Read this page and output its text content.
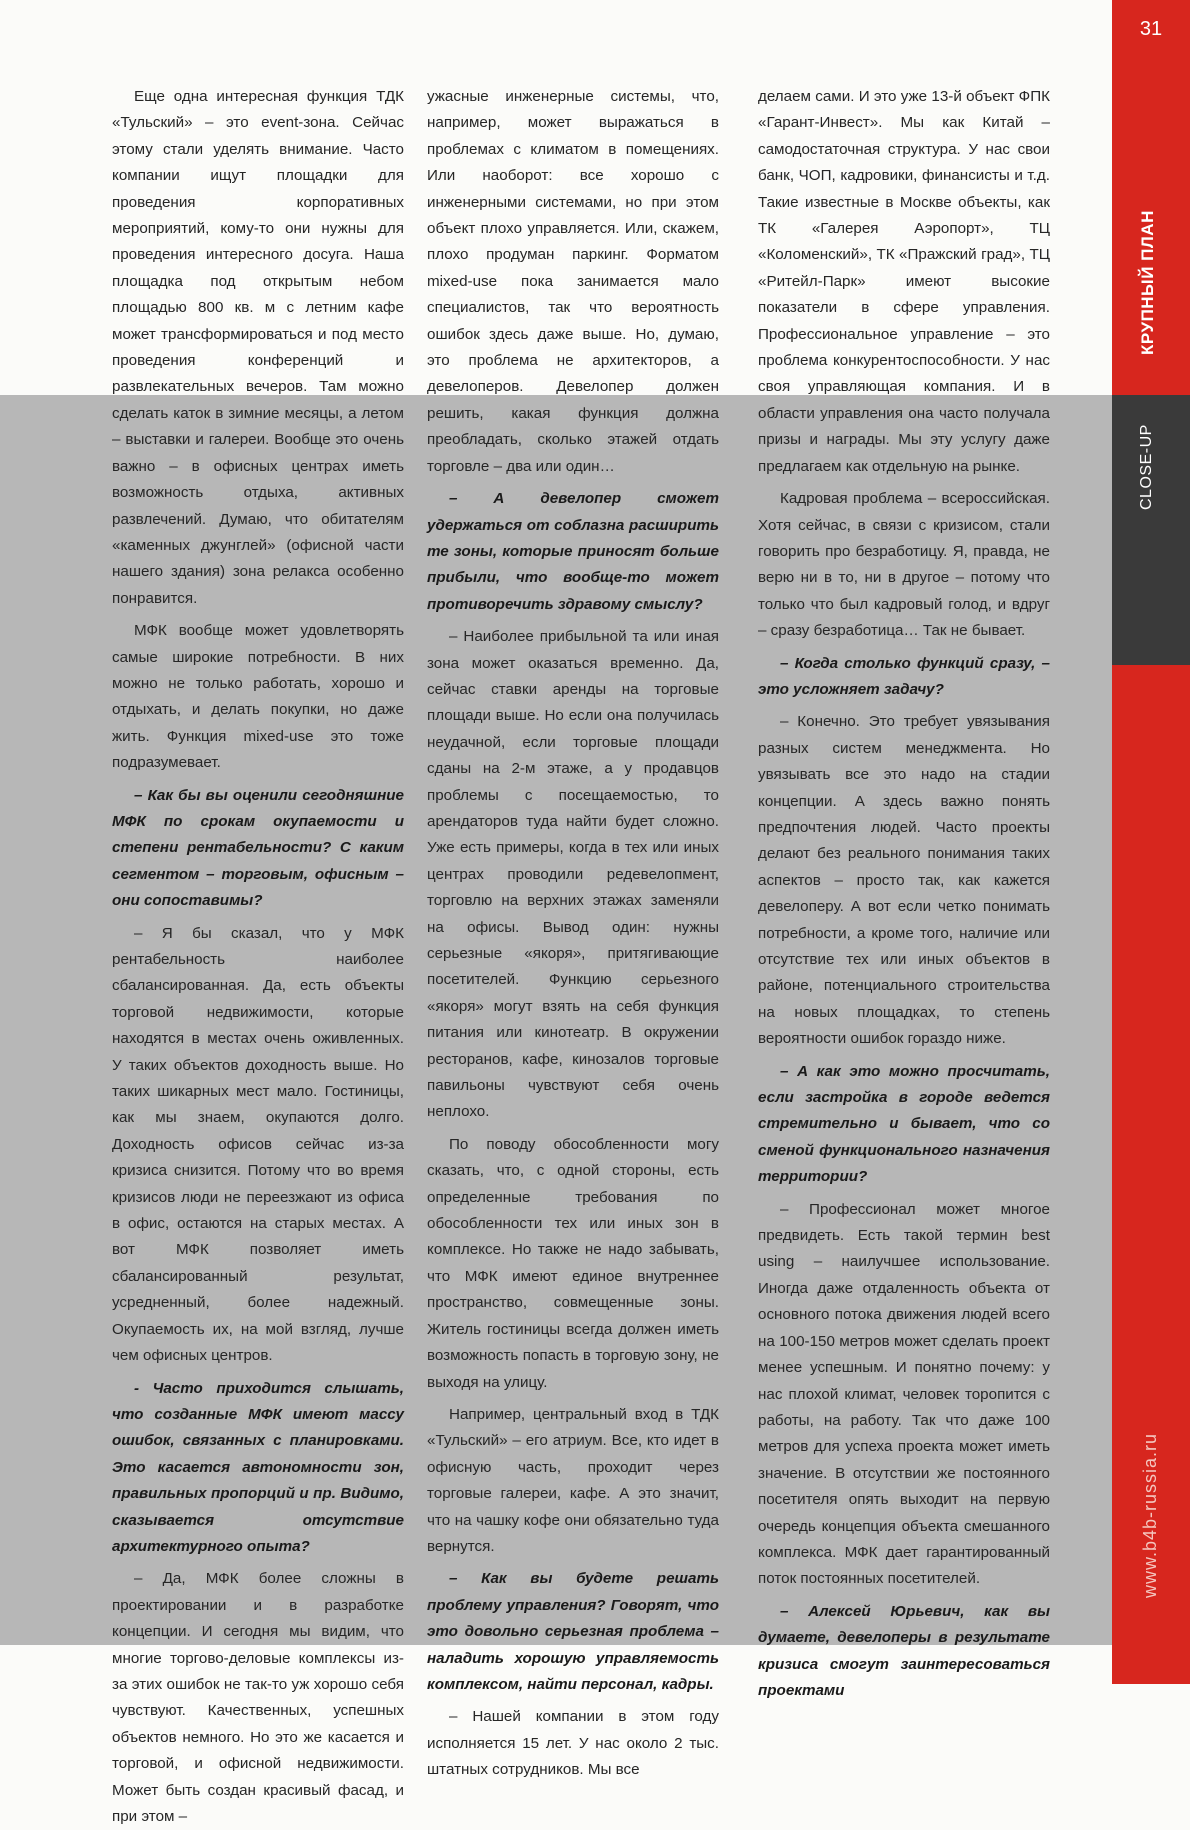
Еще одна интересная функция ТДК «Тульский» – это event-зона. Сейчас этому стали уделять внимание. Часто компании ищут площадки для проведения корпоративных мероприятий, кому-то они нужны для проведения интересного досуга. Наша площадка под открытым небом площадью 800 кв. м с летним кафе может трансформироваться и под место проведения конференций и развлекательных вечеров. Там можно сделать каток в зимние месяцы, а летом – выставки и галереи. Вообще это очень важно – в офисных центрах иметь возможность отдыха, активных развлечений. Думаю, что обитателям «каменных джунглей» (офисной части нашего здания) зона релакса особенно понравится.

МФК вообще может удовлетворять самые широкие потребности. В них можно не только работать, хорошо и отдыхать, и делать покупки, но даже жить. Функция mixed-use это тоже подразумевает.

– Как бы вы оценили сегодняшние МФК по срокам окупаемости и степени рентабельности? С каким сегментом – торговым, офисным – они сопоставимы?

– Я бы сказал, что у МФК рентабельность наиболее сбалансированная. Да, есть объекты торговой недвижимости, которые находятся в местах очень оживленных. У таких объектов доходность выше. Но таких шикарных мест мало. Гостиницы, как мы знаем, окупаются долго. Доходность офисов сейчас из-за кризиса снизится. Потому что во время кризисов люди не переезжают из офиса в офис, остаются на старых местах. А вот МФК позволяет иметь сбалансированный результат, усредненный, более надежный. Окупаемость их, на мой взгляд, лучше чем офисных центров.

- Часто приходится слышать, что созданные МФК имеют массу ошибок, связанных с планировками. Это касается автономности зон, правильных пропорций и пр. Видимо, сказывается отсутствие архитектурного опыта?

– Да, МФК более сложны в проектировании и в разработке концепции. И сегодня мы видим, что многие торгово-деловые комплексы из-за этих ошибок не так-то уж хорошо себя чувствуют. Качественных, успешных объектов немного. Но это же касается и торговой, и офисной недвижимости. Может быть создан красивый фасад, и при этом –

ужасные инженерные системы, что, например, может выражаться в проблемах с климатом в помещениях. Или наоборот: все хорошо с инженерными системами, но при этом объект плохо управляется. Или, скажем, плохо продуман паркинг. Форматом mixed-use пока занимается мало специалистов, так что вероятность ошибок здесь даже выше. Но, думаю, это проблема не архитекторов, а девелоперов. Девелопер должен решить, какая функция должна преобладать, сколько этажей отдать торговле – два или один…

– А девелопер сможет удержаться от соблазна расширить те зоны, которые приносят больше прибыли, что вообще-то может противоречить здравому смыслу?

– Наиболее прибыльной та или иная зона может оказаться временно. Да, сейчас ставки аренды на торговые площади выше. Но если она получилась неудачной, если торговые площади сданы на 2-м этаже, а у продавцов проблемы с посещаемостью, то арендаторов туда найти будет сложно. Уже есть примеры, когда в тех или иных центрах проводили редевелопмент, торговлю на верхних этажах заменяли на офисы. Вывод один: нужны серьезные «якоря», притягивающие посетителей. Функцию серьезного «якоря» могут взять на себя функция питания или кинотеатр. В окружении ресторанов, кафе, кинозалов торговые павильоны чувствуют себя очень неплохо.

По поводу обособленности могу сказать, что, с одной стороны, есть определенные требования по обособленности тех или иных зон в комплексе. Но также не надо забывать, что МФК имеют единое внутреннее пространство, совмещенные зоны. Житель гостиницы всегда должен иметь возможность попасть в торговую зону, не выходя на улицу.

Например, центральный вход в ТДК «Тульский» – его атриум. Все, кто идет в офисную часть, проходит через торговые галереи, кафе. А это значит, что на чашку кофе они обязательно туда вернутся.

– Как вы будете решать проблему управления? Говорят, что это довольно серьезная проблема – наладить хорошую управляемость комплексом, найти персонал, кадры.

– Нашей компании в этом году исполняется 15 лет. У нас около 2 тыс. штатных сотрудников. Мы все

делаем сами. И это уже 13-й объект ФПК «Гарант-Инвест». Мы как Китай – самодостаточная структура. У нас свои банк, ЧОП, кадровики, финансисты и т.д. Такие известные в Москве объекты, как ТК «Галерея Аэропорт», ТЦ «Коломенский», ТК «Пражский град», ТЦ «Ритейл-Парк» имеют высокие показатели в сфере управления. Профессиональное управление – это проблема конкурентоспособности. У нас своя управляющая компания. И в области управления она часто получала призы и награды. Мы эту услугу даже предлагаем как отдельную на рынке.

Кадровая проблема – всероссийская. Хотя сейчас, в связи с кризисом, стали говорить про безработицу. Я, правда, не верю ни в то, ни в другое – потому что только что был кадровый голод, и вдруг – сразу безработица… Так не бывает.

– Когда столько функций сразу, – это усложняет задачу?

– Конечно. Это требует увязывания разных систем менеджмента. Но увязывать все это надо на стадии концепции. А здесь важно понять предпочтения людей. Часто проекты делают без реального понимания таких аспектов – просто так, как кажется девелоперу. А вот если четко понимать потребности, а кроме того, наличие или отсутствие тех или иных объектов в районе, потенциального строительства на новых площадках, то степень вероятности ошибок гораздо ниже.

– А как это можно просчитать, если застройка в городе ведется стремительно и бывает, что со сменой функционального назначения территории?

– Профессионал может многое предвидеть. Есть такой термин best using – наилучшее использование. Иногда даже отдаленность объекта от основного потока движения людей всего на 100-150 метров может сделать проект менее успешным. И понятно почему: у нас плохой климат, человек торопится с работы, на работу. Так что даже 100 метров для успеха проекта может иметь значение. В отсутствии же постоянного посетителя опять выходит на первую очередь концепция объекта смешанного комплекса. МФК дает гарантированный поток постоянных посетителей.

– Алексей Юрьевич, как вы думаете, девелоперы в результате кризиса смогут заинтересоваться проектами

31
КРУПНЫЙ ПЛАН
CLOSE-UP
www.b4b-russia.ru
